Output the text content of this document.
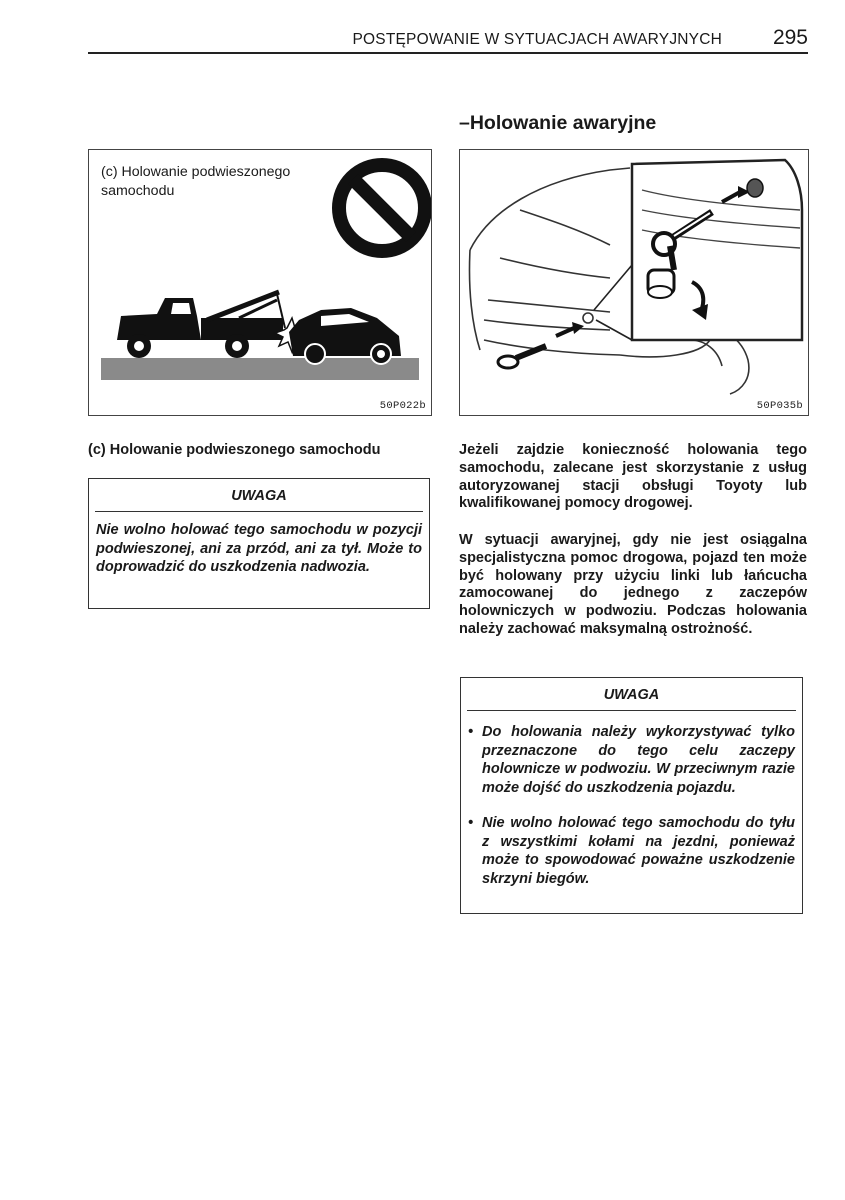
POSTĘPOWANIE W SYTUACJACH AWARYJNYCH 295
(c) Holowanie podwieszonego samochodu
50P022b
(c) Holowanie podwieszonego samochodu
UWAGA
Nie wolno holować tego samochodu w pozycji podwieszonej, ani za przód, ani za tył. Może to doprowadzić do uszkodzenia nadwozia.
–Holowanie awaryjne
50P035b
Jeżeli zajdzie konieczność holowania tego samochodu, zalecane jest skorzystanie z usług autoryzowanej stacji obsługi Toyoty lub kwalifikowanej pomocy drogowej.
W sytuacji awaryjnej, gdy nie jest osiągalna specjalistyczna pomoc drogowa, pojazd ten może być holowany przy użyciu linki lub łańcucha zamocowanej do jednego z zaczepów holowniczych w podwoziu. Podczas holowania należy zachować maksymalną ostrożność.
UWAGA
• Do holowania należy wykorzystywać tylko przeznaczone do tego celu zaczepy holownicze w podwoziu. W przeciwnym razie może dojść do uszkodzenia pojazdu.
• Nie wolno holować tego samochodu do tyłu z wszystkimi kołami na jezdni, ponieważ może to spowodować poważne uszkodzenie skrzyni biegów.
